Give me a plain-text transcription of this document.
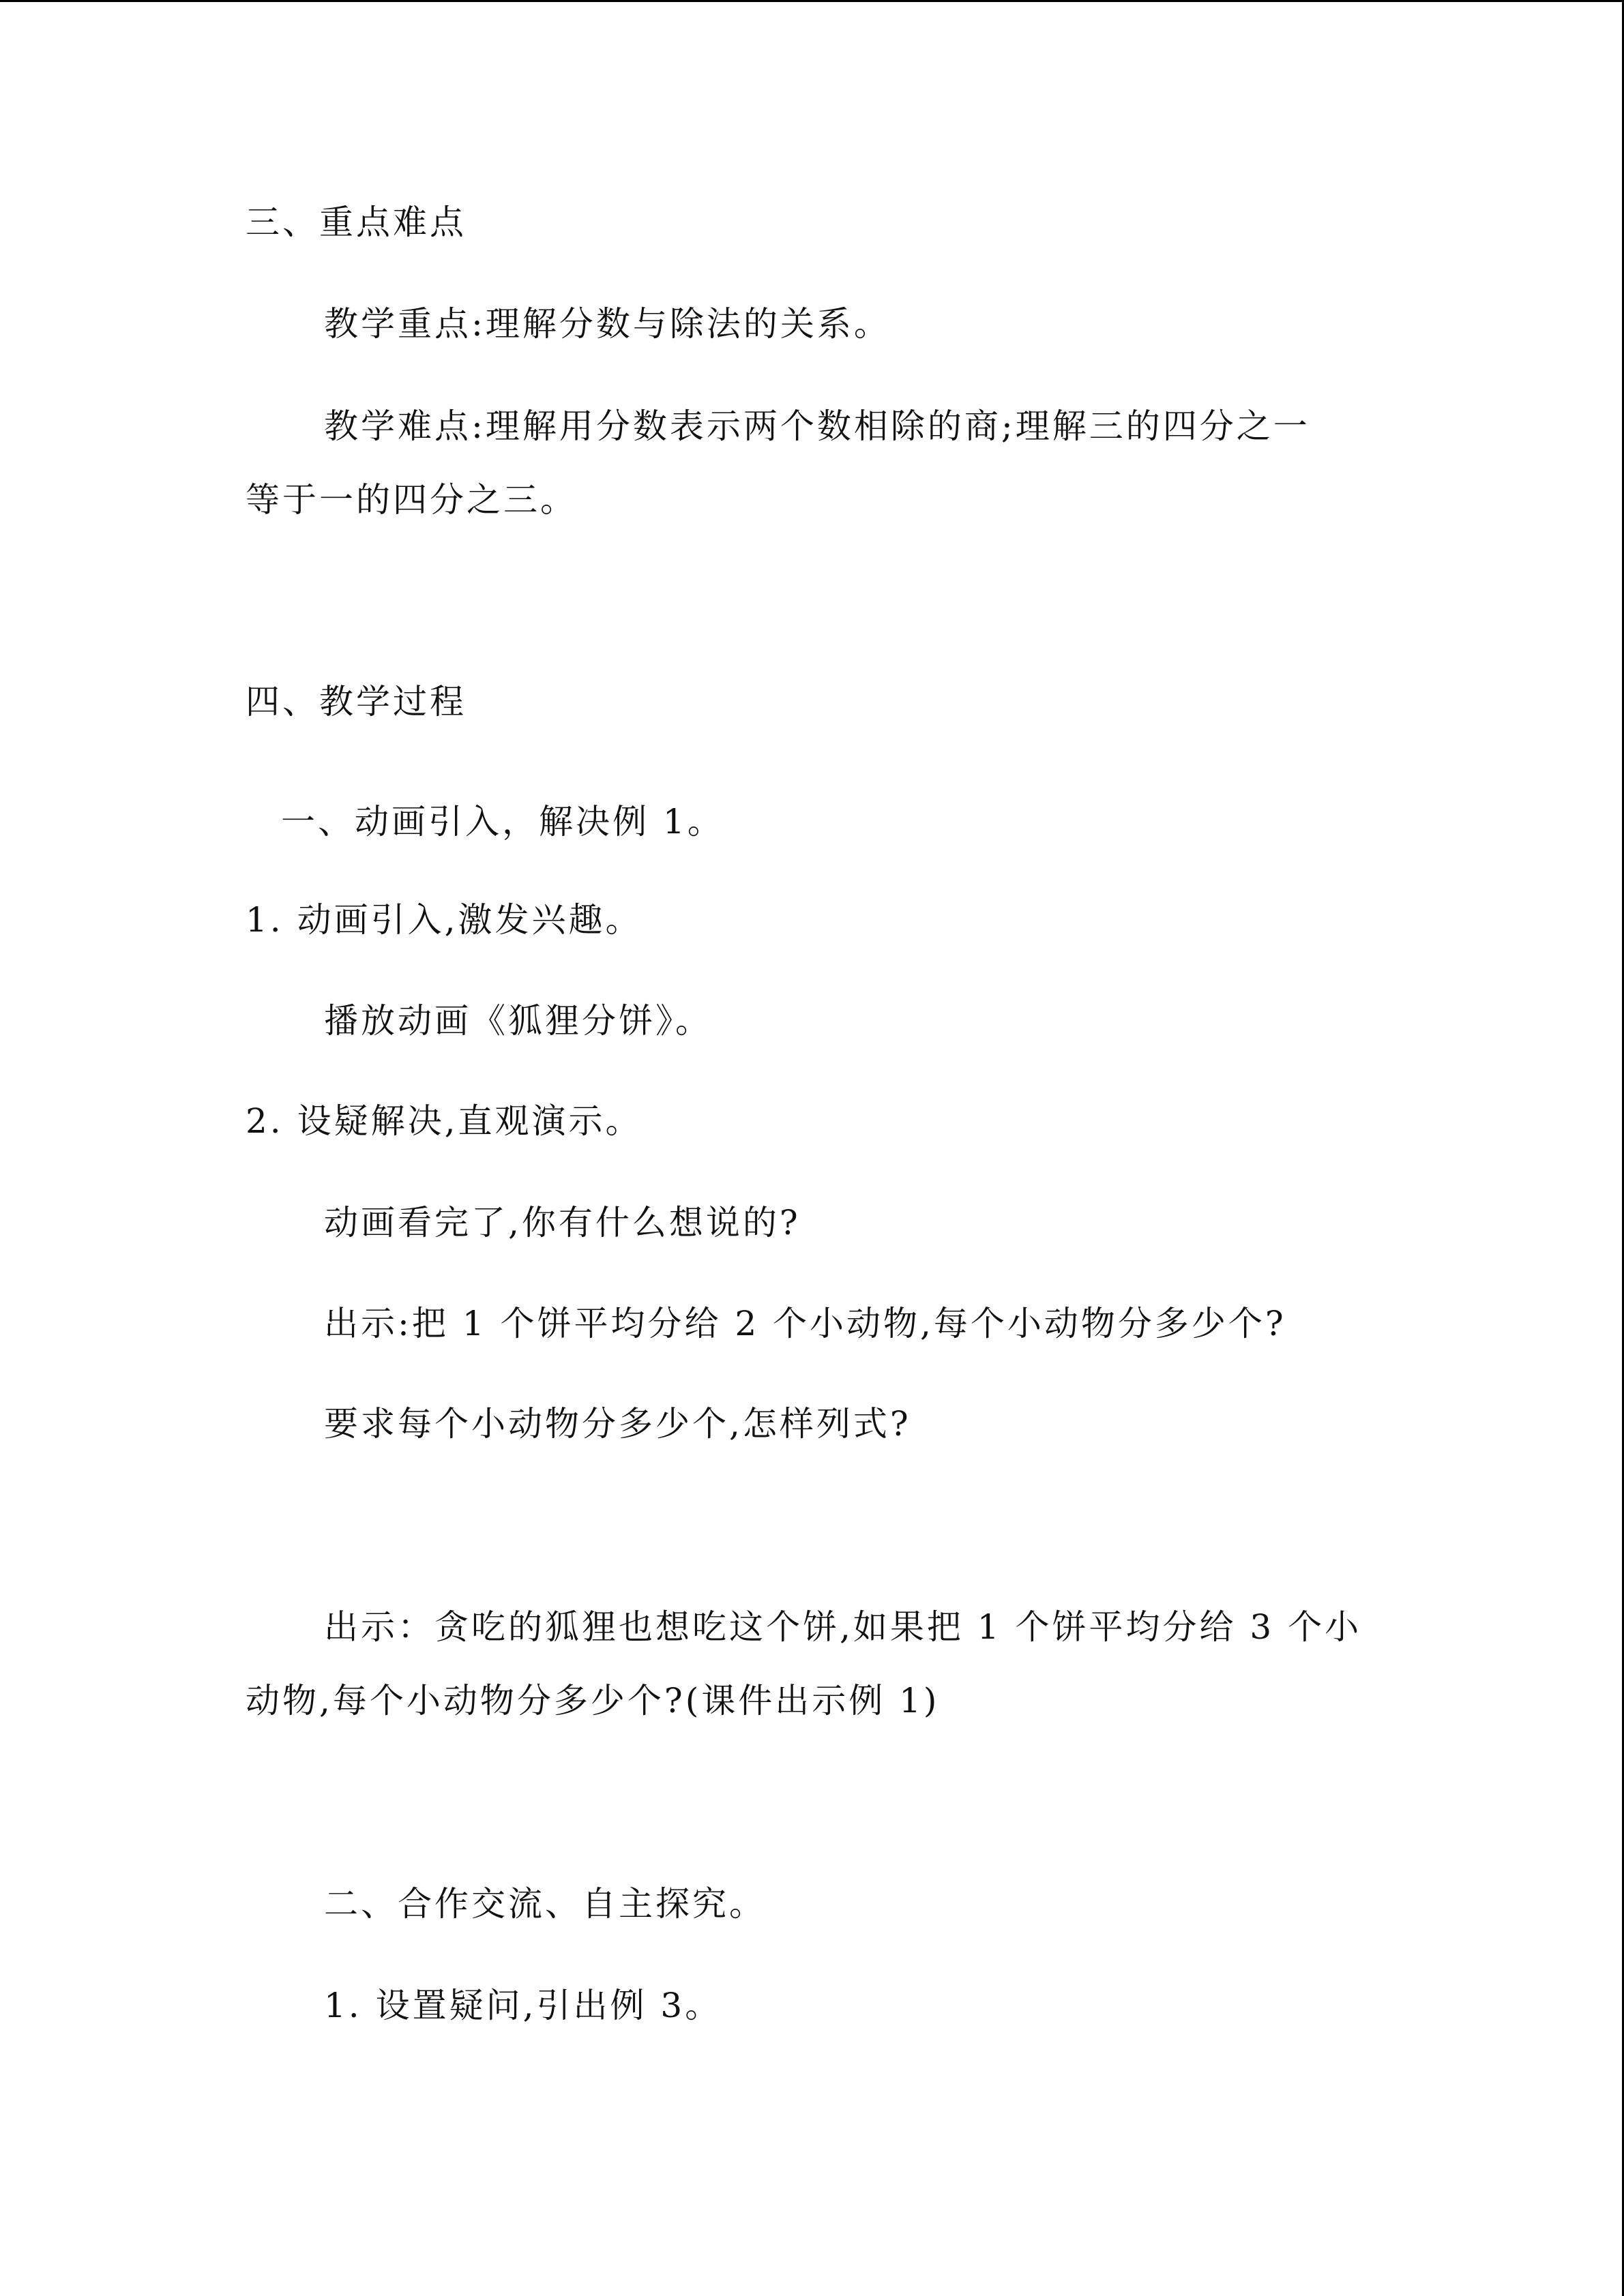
三、重点难点
教学重点:理解分数与除法的关系。
教学难点:理解用分数表示两个数相除的商;理解三的四分之一
等于一的四分之三。
四、教学过程
一、动画引入，解决例 1。
1. 动画引入,激发兴趣。
播放动画《狐狸分饼》。
2. 设疑解决,直观演示。
动画看完了,你有什么想说的?
出示:把 1 个饼平均分给 2 个小动物,每个小动物分多少个?
要求每个小动物分多少个,怎样列式?
出示：贪吃的狐狸也想吃这个饼,如果把 1 个饼平均分给 3 个小
动物,每个小动物分多少个?(课件出示例 1)
二、合作交流、自主探究。
1. 设置疑问,引出例 3。
